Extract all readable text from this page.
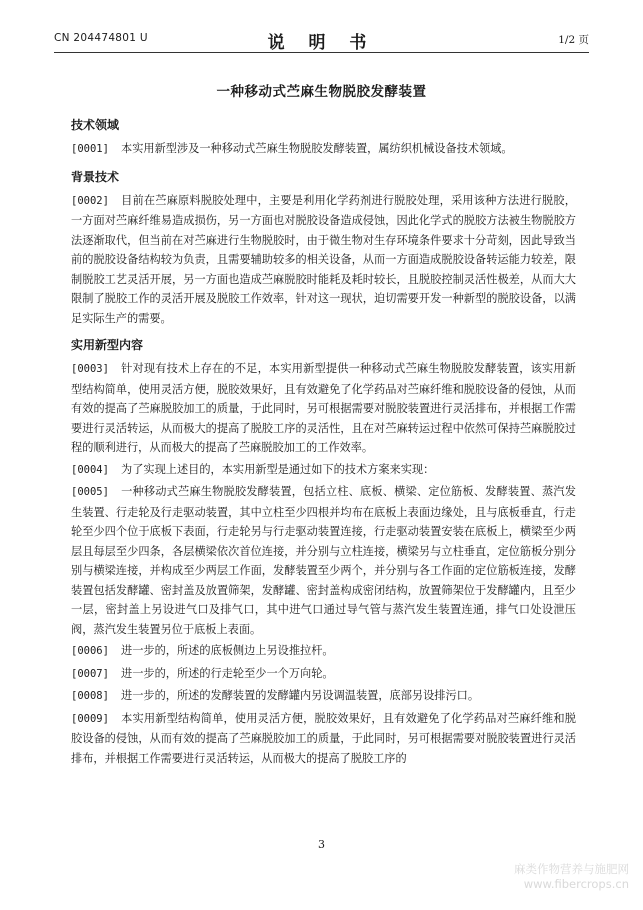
CN 204474801 U	说 明 书	1/2 页
一种移动式苎麻生物脱胶发酵装置
技术领域

[0001] 本实用新型涉及一种移动式苎麻生物脱胶发酵装置，属纺织机械设备技术领域。

背景技术

[0002] 目前在苎麻原料脱胶处理中，主要是利用化学药剂进行脱胶处理，采用该种方法进行脱胶，一方面对苎麻纤维易造成损伤，另一方面也对脱胶设备造成侵蚀，因此化学式的脱胶方法被生物脱胶方法逐渐取代，但当前在对苎麻进行生物脱胶时，由于微生物对生存环境条件要求十分苛刻，因此导致当前的脱胶设备结构较为负责，且需要辅助较多的相关设备，从而一方面造成脱胶设备转运能力较差，限制脱胶工艺灵活开展，另一方面也造成苎麻脱胶时能耗及耗时较长，且脱胶控制灵活性极差，从而大大限制了脱胶工作的灵活开展及脱胶工作效率，针对这一现状，迫切需要开发一种新型的脱胶设备，以满足实际生产的需要。

实用新型内容

[0003] 针对现有技术上存在的不足，本实用新型提供一种移动式苎麻生物脱胶发酵装置，该实用新型结构简单，使用灵活方便，脱胶效果好，且有效避免了化学药品对苎麻纤维和脱胶设备的侵蚀，从而有效的提高了苎麻脱胶加工的质量，于此同时，另可根据需要对脱胶装置进行灵活排布，并根据工作需要进行灵活转运，从而极大的提高了脱胶工序的灵活性，且在对苎麻转运过程中依然可保持苎麻脱胶过程的顺利进行，从而极大的提高了苎麻脱胶加工的工作效率。

[0004] 为了实现上述目的，本实用新型是通过如下的技术方案来实现：

[0005] 一种移动式苎麻生物脱胶发酵装置，包括立柱、底板、横梁、定位筋板、发酵装置、蒸汽发生装置、行走轮及行走驱动装置，其中立柱至少四根并均布在底板上表面边缘处，且与底板垂直，行走轮至少四个位于底板下表面，行走轮另与行走驱动装置连接，行走驱动装置安装在底板上，横梁至少两层且每层至少四条，各层横梁依次首位连接，并分别与立柱连接，横梁另与立柱垂直，定位筋板分别分别与横梁连接，并构成至少两层工作面，发酵装置至少两个，并分别与各工作面的定位筋板连接，发酵装置包括发酵罐、密封盖及放置筛架，发酵罐、密封盖构成密闭结构，放置筛架位于发酵罐内，且至少一层，密封盖上另设进气口及排气口，其中进气口通过导气管与蒸汽发生装置连通，排气口处设泄压阀，蒸汽发生装置另位于底板上表面。

[0006] 进一步的，所述的底板侧边上另设推拉杆。

[0007] 进一步的，所述的行走轮至少一个万向轮。

[0008] 进一步的，所述的发酵装置的发酵罐内另设调温装置，底部另设排污口。

[0009] 本实用新型结构简单，使用灵活方便，脱胶效果好，且有效避免了化学药品对苎麻纤维和脱胶设备的侵蚀，从而有效的提高了苎麻脱胶加工的质量，于此同时，另可根据需要对脱胶装置进行灵活排布，并根据工作需要进行灵活转运，从而极大的提高了脱胶工序的

3
麻类作物营养与施肥网
www.fibercrops.cn
